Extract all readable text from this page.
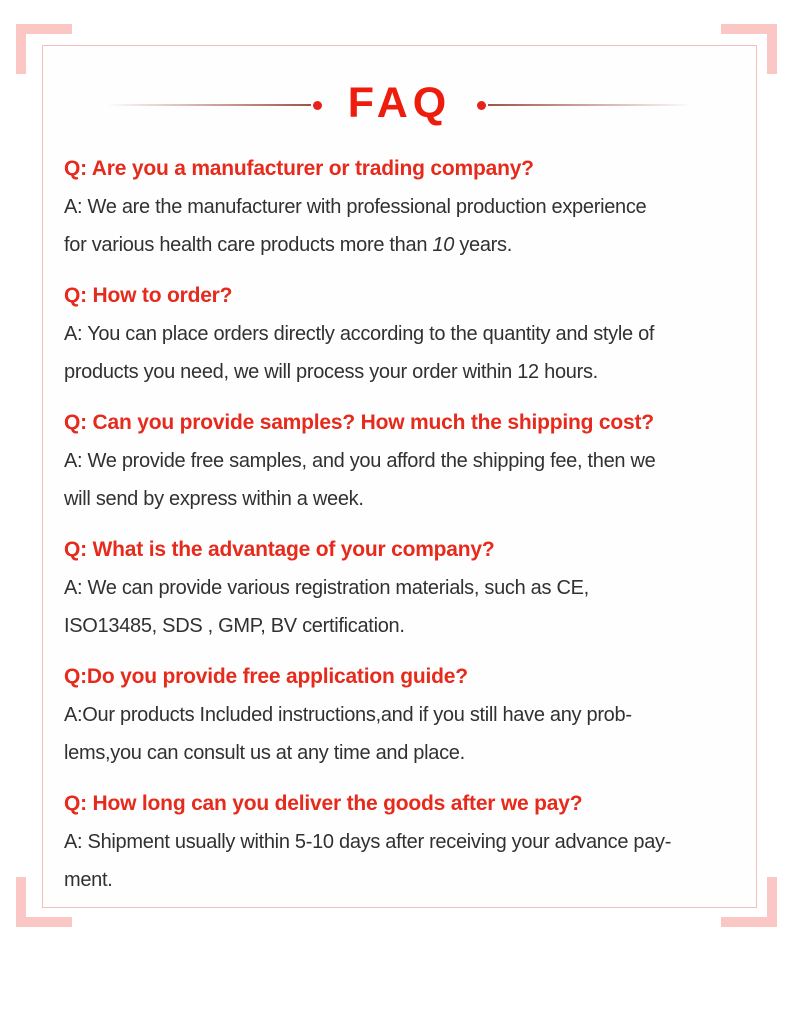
FAQ
Q: Are you a manufacturer or trading company?
A: We are the manufacturer with professional production experience
for various health care products more than 10 years.
Q: How to order?
A: You can place orders directly according to the quantity and style of
products you need, we will process your order within 12 hours.
Q: Can you provide samples? How much the shipping cost?
A: We provide free samples, and you afford the shipping fee, then we
will send by express within a week.
Q: What is the advantage of your company?
A: We can provide various registration materials, such as CE,
ISO13485, SDS , GMP, BV certification.
Q:Do you provide free application guide?
A:Our products Included instructions,and if you still have any prob-
lems,you can consult us at any time and place.
Q: How long can you deliver the goods after we pay?
A: Shipment usually within 5-10 days after receiving your advance pay-
ment.
